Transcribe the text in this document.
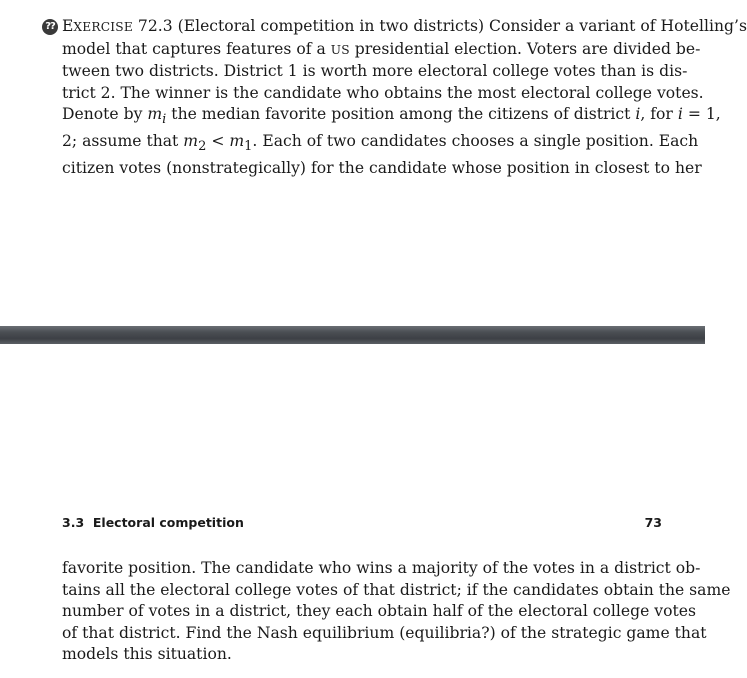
?? EXERCISE 72.3 (Electoral competition in two districts) Consider a variant of Hotelling’s
model that captures features of a US presidential election. Voters are divided be-
tween two districts. District 1 is worth more electoral college votes than is dis-
trict 2. The winner is the candidate who obtains the most electoral college votes.
Denote by $m_i$ the median favorite position among the citizens of district i, for i = 1,
2; assume that $m_2 < m_1$. Each of two candidates chooses a single position. Each
citizen votes (nonstrategically) for the candidate whose position in closest to her
3.3 Electoral competition	73
favorite position. The candidate who wins a majority of the votes in a district ob-
tains all the electoral college votes of that district; if the candidates obtain the same
number of votes in a district, they each obtain half of the electoral college votes
of that district. Find the Nash equilibrium (equilibria?) of the strategic game that
models this situation.
